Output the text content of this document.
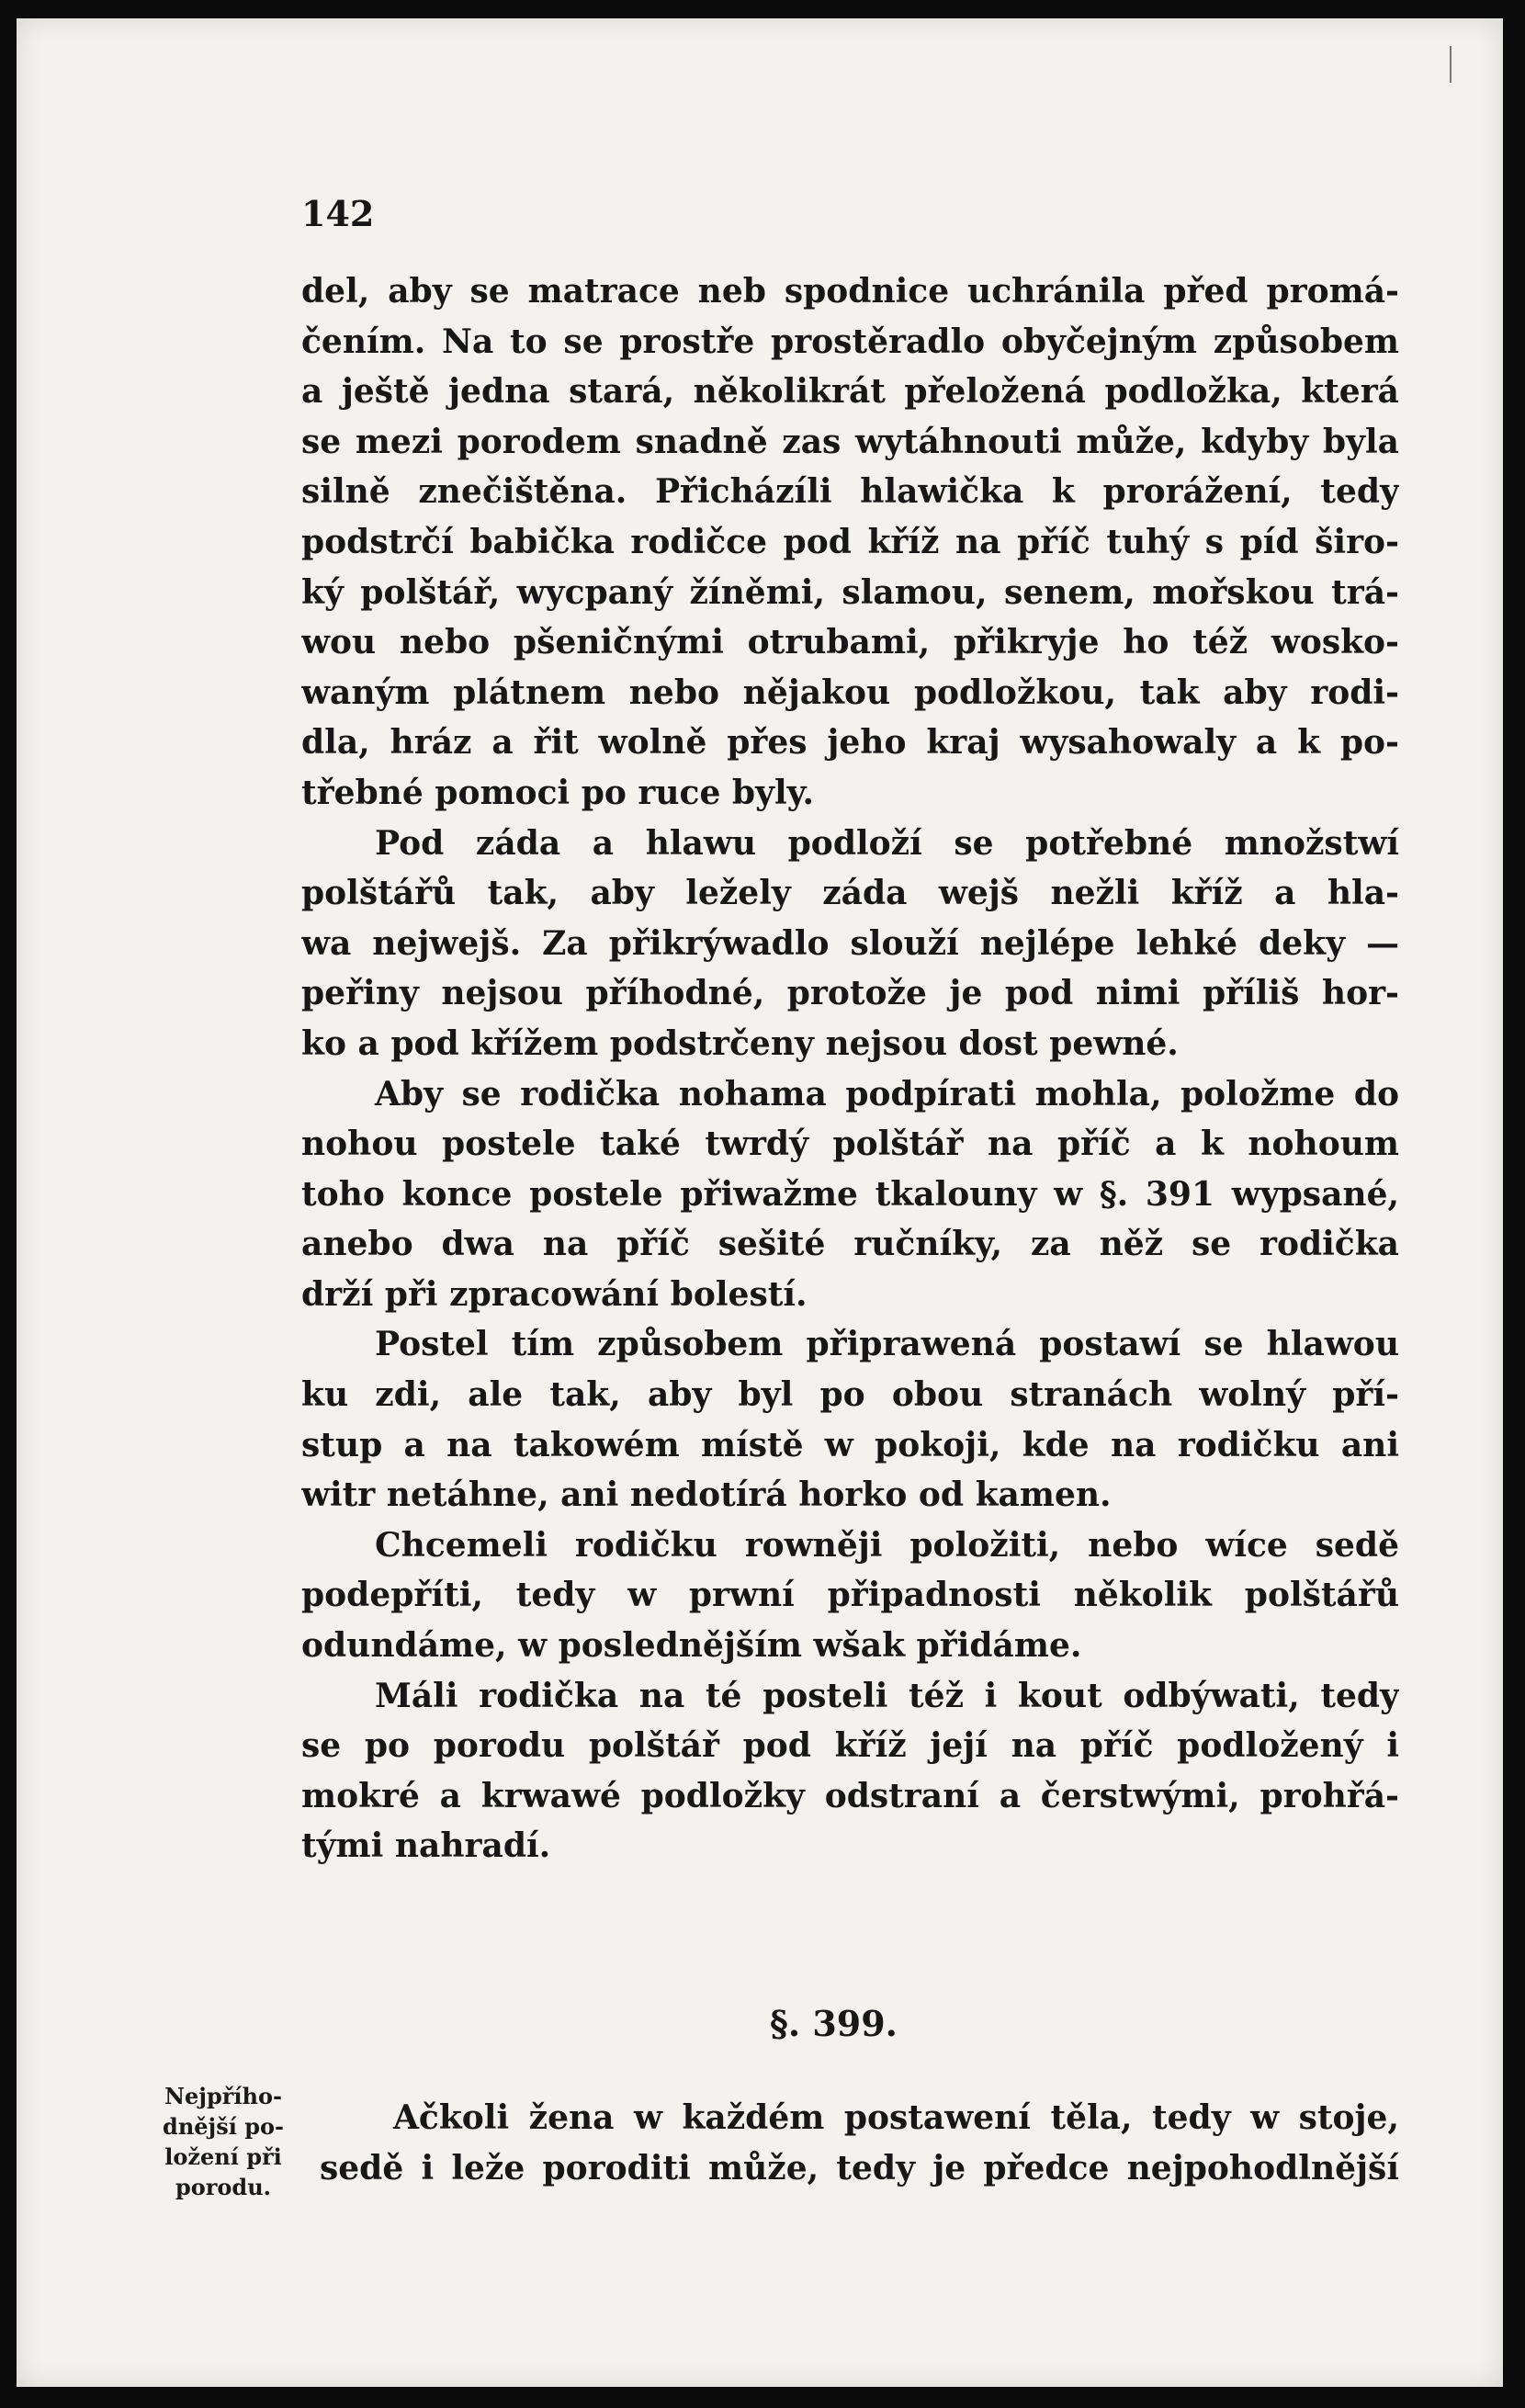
142
del, aby se matrace neb spodnice uchránila před promá-
čením. Na to se prostře prostěradlo obyčejným způsobem
a ještě jedna stará, několikrát přeložená podložka, která
se mezi porodem snadně zas wytáhnouti může, kdyby byla
silně znečištěna. Přicházíli hlawička k prorážení, tedy
podstrčí babička rodičce pod kříž na příč tuhý s píd širo-
ký polštář, wycpaný žíněmi, slamou, senem, mořskou trá-
wou nebo pšeničnými otrubami, přikryje ho též wosko-
waným plátnem nebo nějakou podložkou, tak aby rodi-
dla, hráz a řit wolně přes jeho kraj wysahowaly a k po-
třebné pomoci po ruce byly.
Pod záda a hlawu podloží se potřebné množstwí
polštářů tak, aby ležely záda wejš nežli kříž a hla-
wa nejwejš. Za přikrýwadlo slouží nejlépe lehké deky —
peřiny nejsou příhodné, protože je pod nimi příliš hor-
ko a pod křížem podstrčeny nejsou dost pewné.
Aby se rodička nohama podpírati mohla, položme do
nohou postele také twrdý polštář na příč a k nohoum
toho konce postele přiwažme tkalouny w §. 391 wypsané,
anebo dwa na příč sešité ručníky, za něž se rodička
drží při zpracowání bolestí.
Postel tím způsobem připrawená postawí se hlawou
ku zdi, ale tak, aby byl po obou stranách wolný pří-
stup a na takowém místě w pokoji, kde na rodičku ani
witr netáhne, ani nedotírá horko od kamen.
Chcemeli rodičku rowněji položiti, nebo wíce sedě
podepříti, tedy w prwní připadnosti několik polštářů
odundáme, w poslednějším wšak přidáme.
Máli rodička na té posteli též i kout odbýwati, tedy
se po porodu polštář pod kříž její na příč podložený i
mokré a krwawé podložky odstraní a čerstwými, prohřá-
tými nahradí.
§. 399.
Nejpřího-
dnější po-
ložení při
porodu.
Ačkoli žena w každém postawení těla, tedy w stoje,
sedě i leže poroditi může, tedy je předce nejpohodlnější
